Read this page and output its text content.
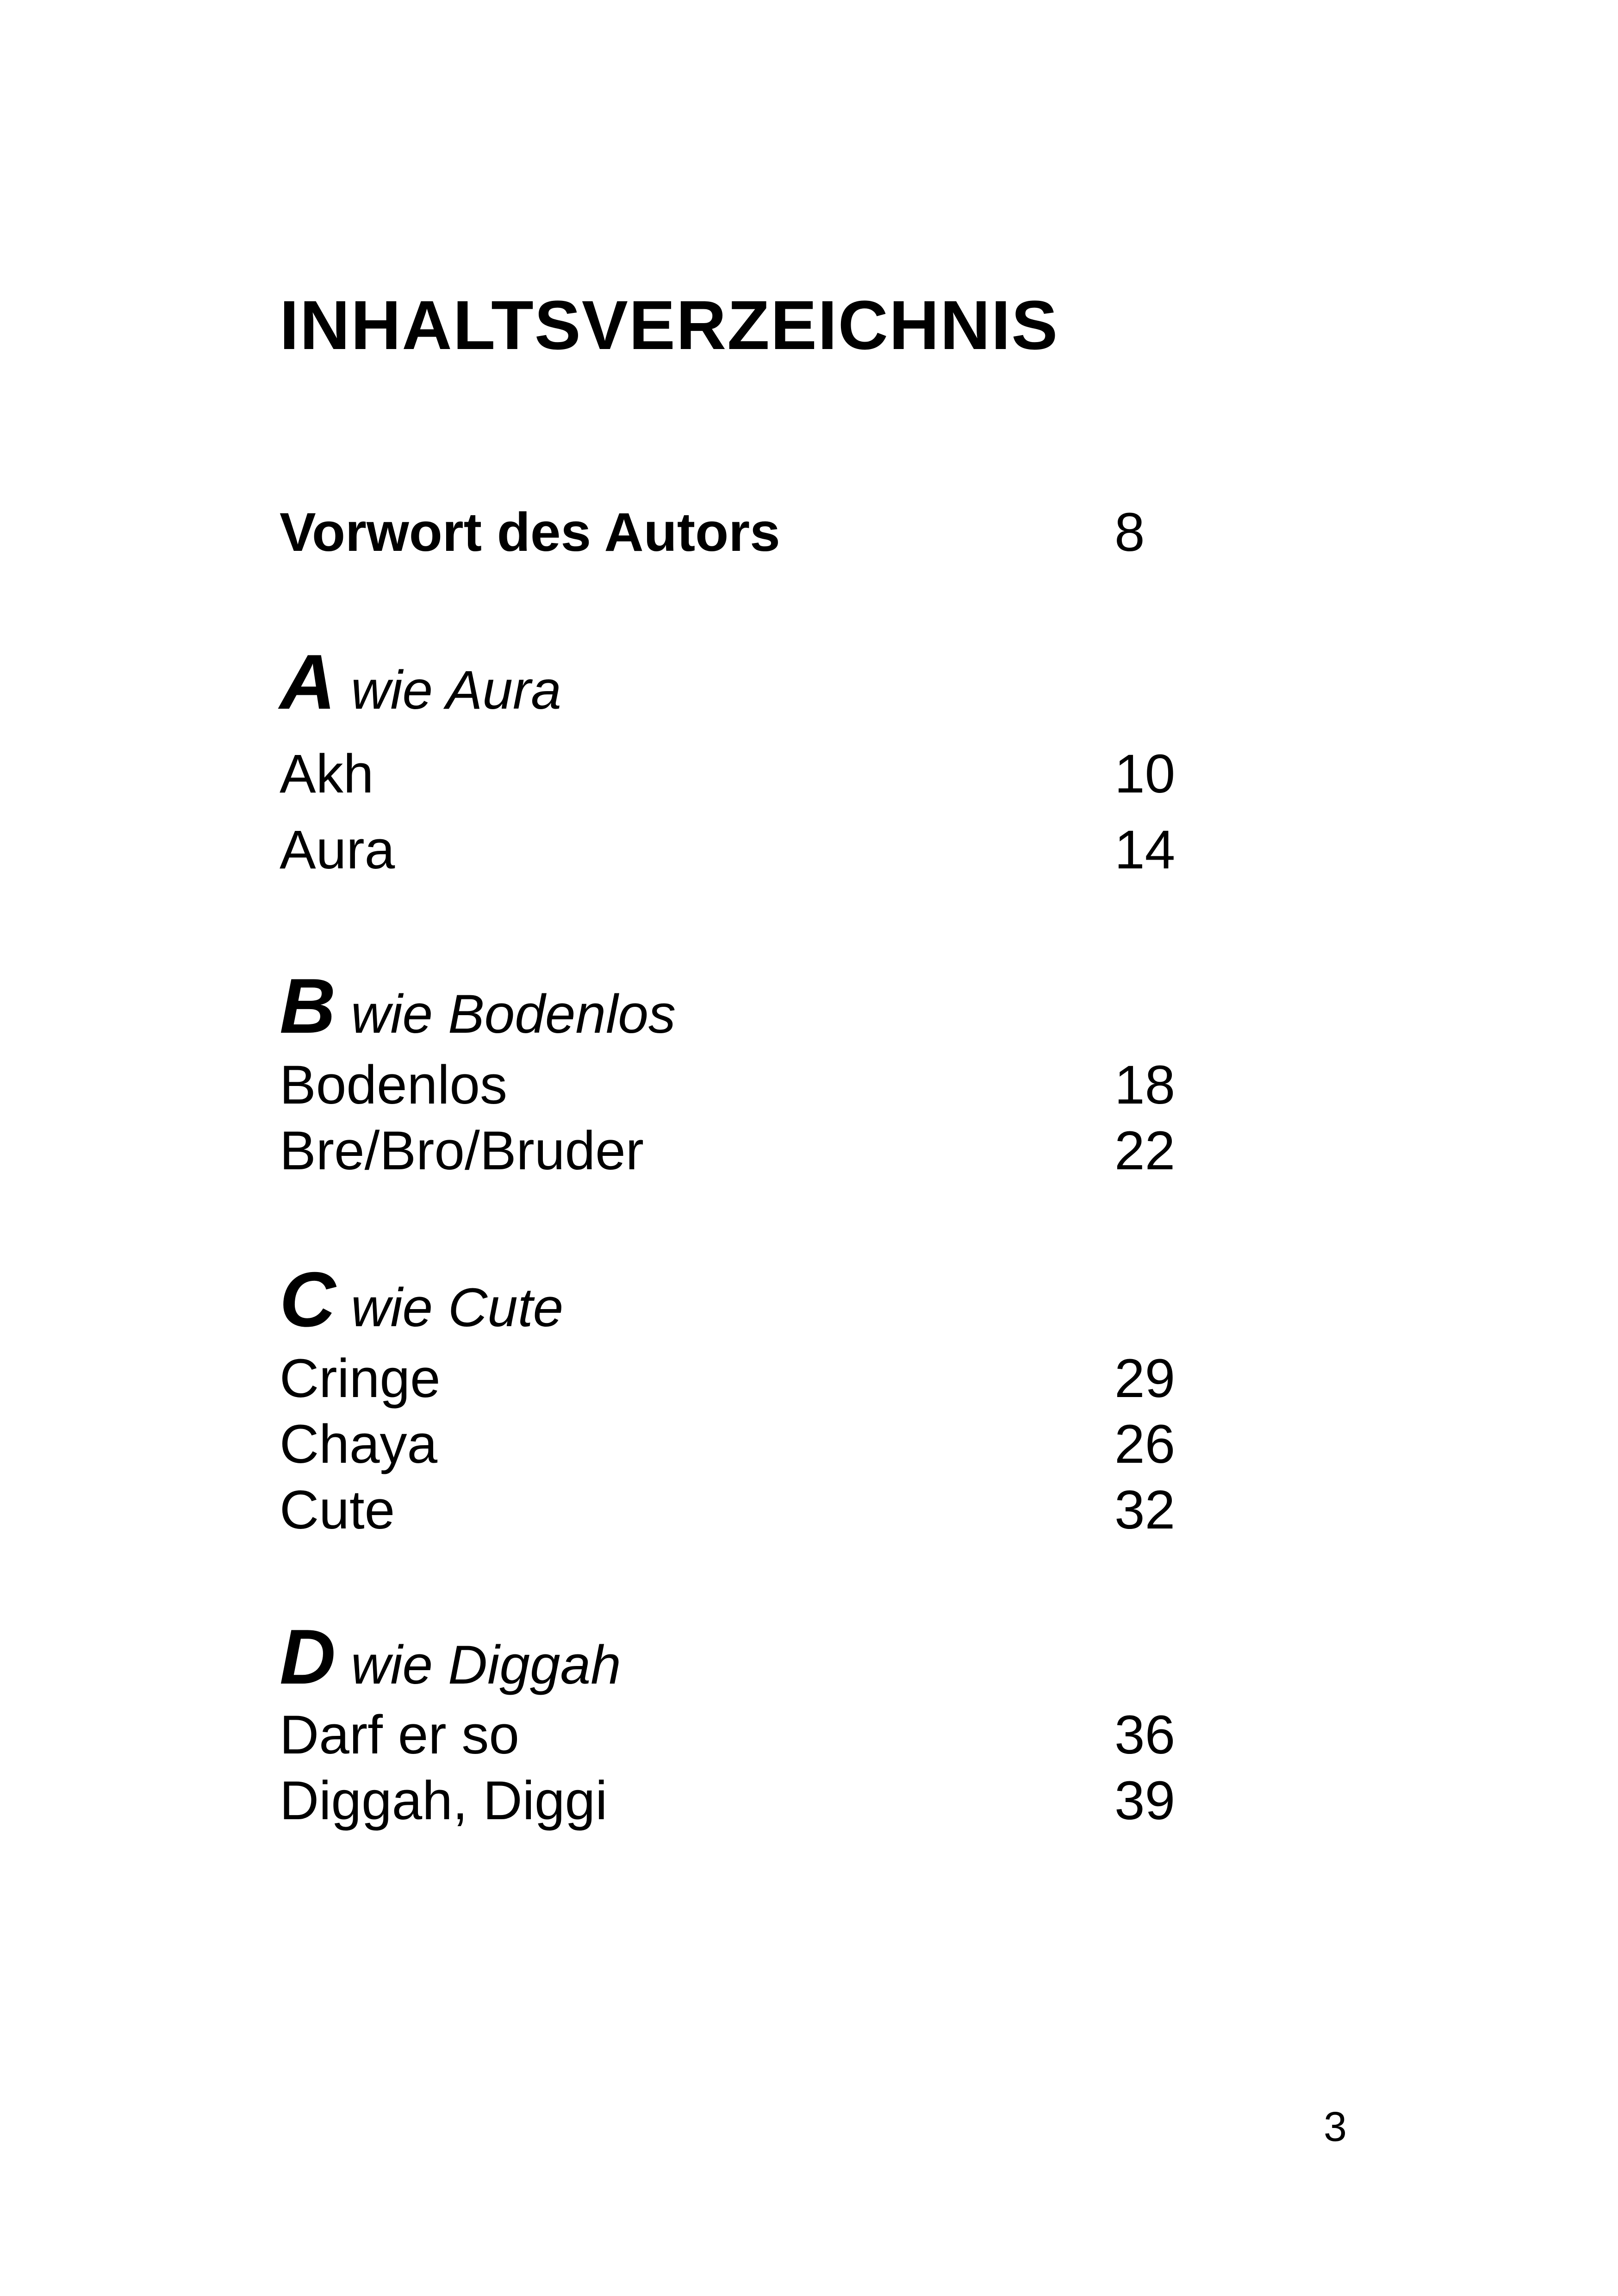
INHALTSVERZEICHNIS
Vorwort des Autors	8
A wie Aura
Akh	10
Aura	14
B wie Bodenlos
Bodenlos	18
Bre/Bro/Bruder	22
C wie Cute
Cringe	29
Chaya	26
Cute	32
D wie Diggah
Darf er so	36
Diggah, Diggi	39
3
